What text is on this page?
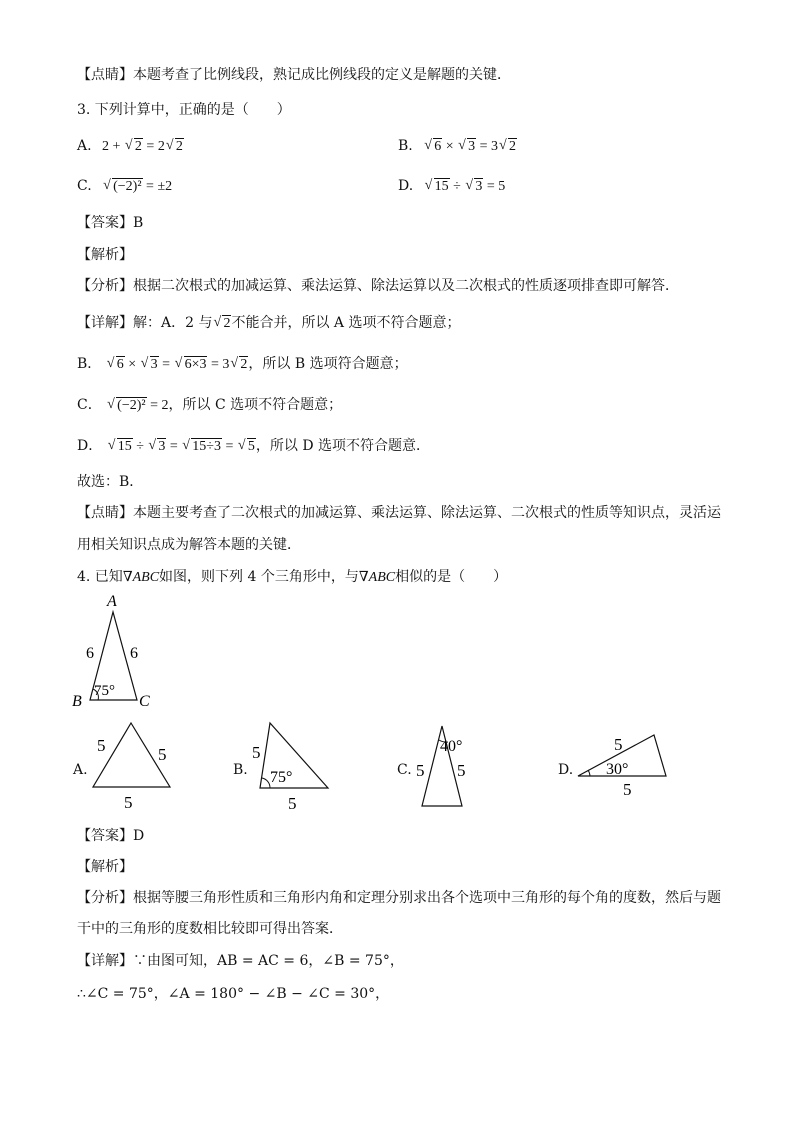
【点睛】本题考查了比例线段，熟记成比例线段的定义是解题的关键．
3. 下列计算中，正确的是（　　）
A. 2 + √ 2 = 2 √ 2	B. √ 6 × √ 3 = 3 √ 2
C. √ (−2)² = ±2	D. √ 15 ÷ √ 3 = 5
【答案】B
【解析】
【分析】根据二次根式的加减运算、乘法运算、除法运算以及二次根式的性质逐项排查即可解答．
【详解】解：A．2 与 √ 2不能合并，所以 A 选项不符合题意；
B． √ 6 × √ 3 = √ 6×3 = 3 √ 2，所以 B 选项符合题意；
C． √ (−2)² = 2，所以 C 选项不符合题意；
D． √ 15 ÷ √ 3 = √ 15÷3 = √ 5，所以 D 选项不符合题意．
故选：B．
【点睛】本题主要考查了二次根式的加减运算、乘法运算、除法运算、二次根式的性质等知识点，灵活运
用相关知识点成为解答本题的关键．
4. 已知∇ABC如图，则下列 4 个三角形中，与∇ABC相似的是（　　）
A
B	C
6 6
75°
A.
5	5
5
B.
5
75°
5
C.
40°
5 5	D.
5
30°
5
【答案】D
【解析】
【分析】根据等腰三角形性质和三角形内角和定理分别求出各个选项中三角形的每个角的度数，然后与题
干中的三角形的度数相比较即可得出答案．
【详解】∵由图可知，AB = AC = 6，∠B = 75°，
∴∠C = 75°，∠A = 180° − ∠B − ∠C = 30°，
